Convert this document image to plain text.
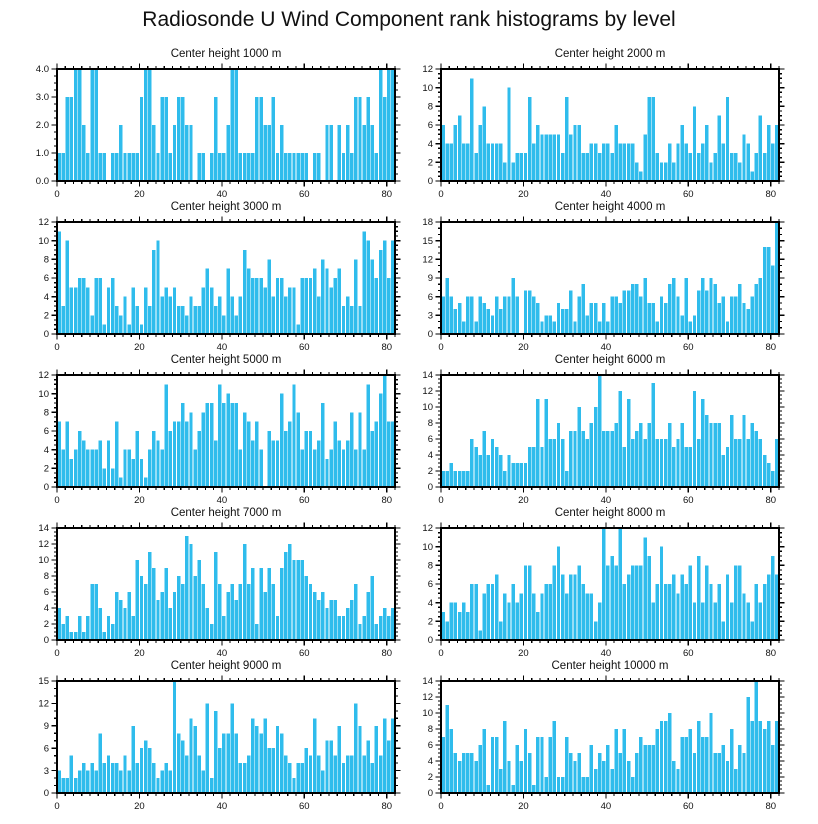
Radiosonde U Wind Component rank histograms by level
Center height 1000 m
0.0
1.0
2.0
3.0
4.0
0	20	40	60	80
Center height 2000 m
0
2
4
6
8
10
12
0	20	40	60	80
Center height 3000 m
0
2
4
6
8
10
12
0	20	40	60	80
Center height 4000 m
0
3
6
9
12
15
18
0	20	40	60	80
Center height 5000 m
0
2
4
6
8
10
12
0	20	40	60	80
Center height 6000 m
0
2
4
6
8
10
12
14
0	20	40	60	80
Center height 7000 m
0
2
4
6
8
10
12
14
0	20	40	60	80
Center height 8000 m
0
2
4
6
8
10
12
0	20	40	60	80
Center height 9000 m
0
3
6
9
12
15
0	20	40	60	80
Center height 10000 m
0
2
4
6
8
10
12
14
0	20	40	60	80
